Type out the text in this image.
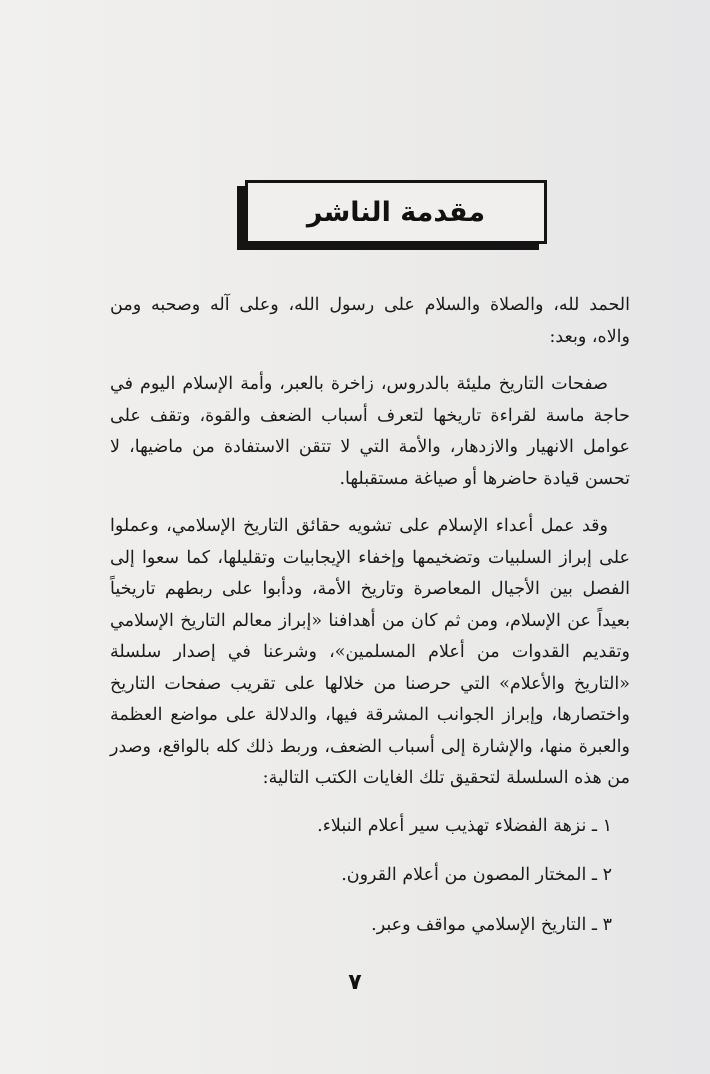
مقدمة الناشر

الحمد لله، والصلاة والسلام على رسول الله، وعلى آله وصحبه ومن والاه، وبعد:

صفحات التاريخ مليئة بالدروس، زاخرة بالعبر، وأمة الإسلام اليوم في حاجة ماسة لقراءة تاريخها لتعرف أسباب الضعف والقوة، وتقف على عوامل الانهيار والازدهار، والأمة التي لا تتقن الاستفادة من ماضيها، لا تحسن قيادة حاضرها أو صياغة مستقبلها.

وقد عمل أعداء الإسلام على تشويه حقائق التاريخ الإسلامي، وعملوا على إبراز السلبيات وتضخيمها وإخفاء الإيجابيات وتقليلها، كما سعوا إلى الفصل بين الأجيال المعاصرة وتاريخ الأمة، ودأبوا على ربطهم تاريخياً بعيداً عن الإسلام، ومن ثم كان من أهدافنا «إبراز معالم التاريخ الإسلامي وتقديم القدوات من أعلام المسلمين»، وشرعنا في إصدار سلسلة «التاريخ والأعلام» التي حرصنا من خلالها على تقريب صفحات التاريخ واختصارها، وإبراز الجوانب المشرقة فيها، والدلالة على مواضع العظمة والعبرة منها، والإشارة إلى أسباب الضعف، وربط ذلك كله بالواقع، وصدر من هذه السلسلة لتحقيق تلك الغايات الكتب التالية:

١ ـ نزهة الفضلاء تهذيب سير أعلام النبلاء.
٢ ـ المختار المصون من أعلام القرون.
٣ ـ التاريخ الإسلامي مواقف وعبر.
٧
